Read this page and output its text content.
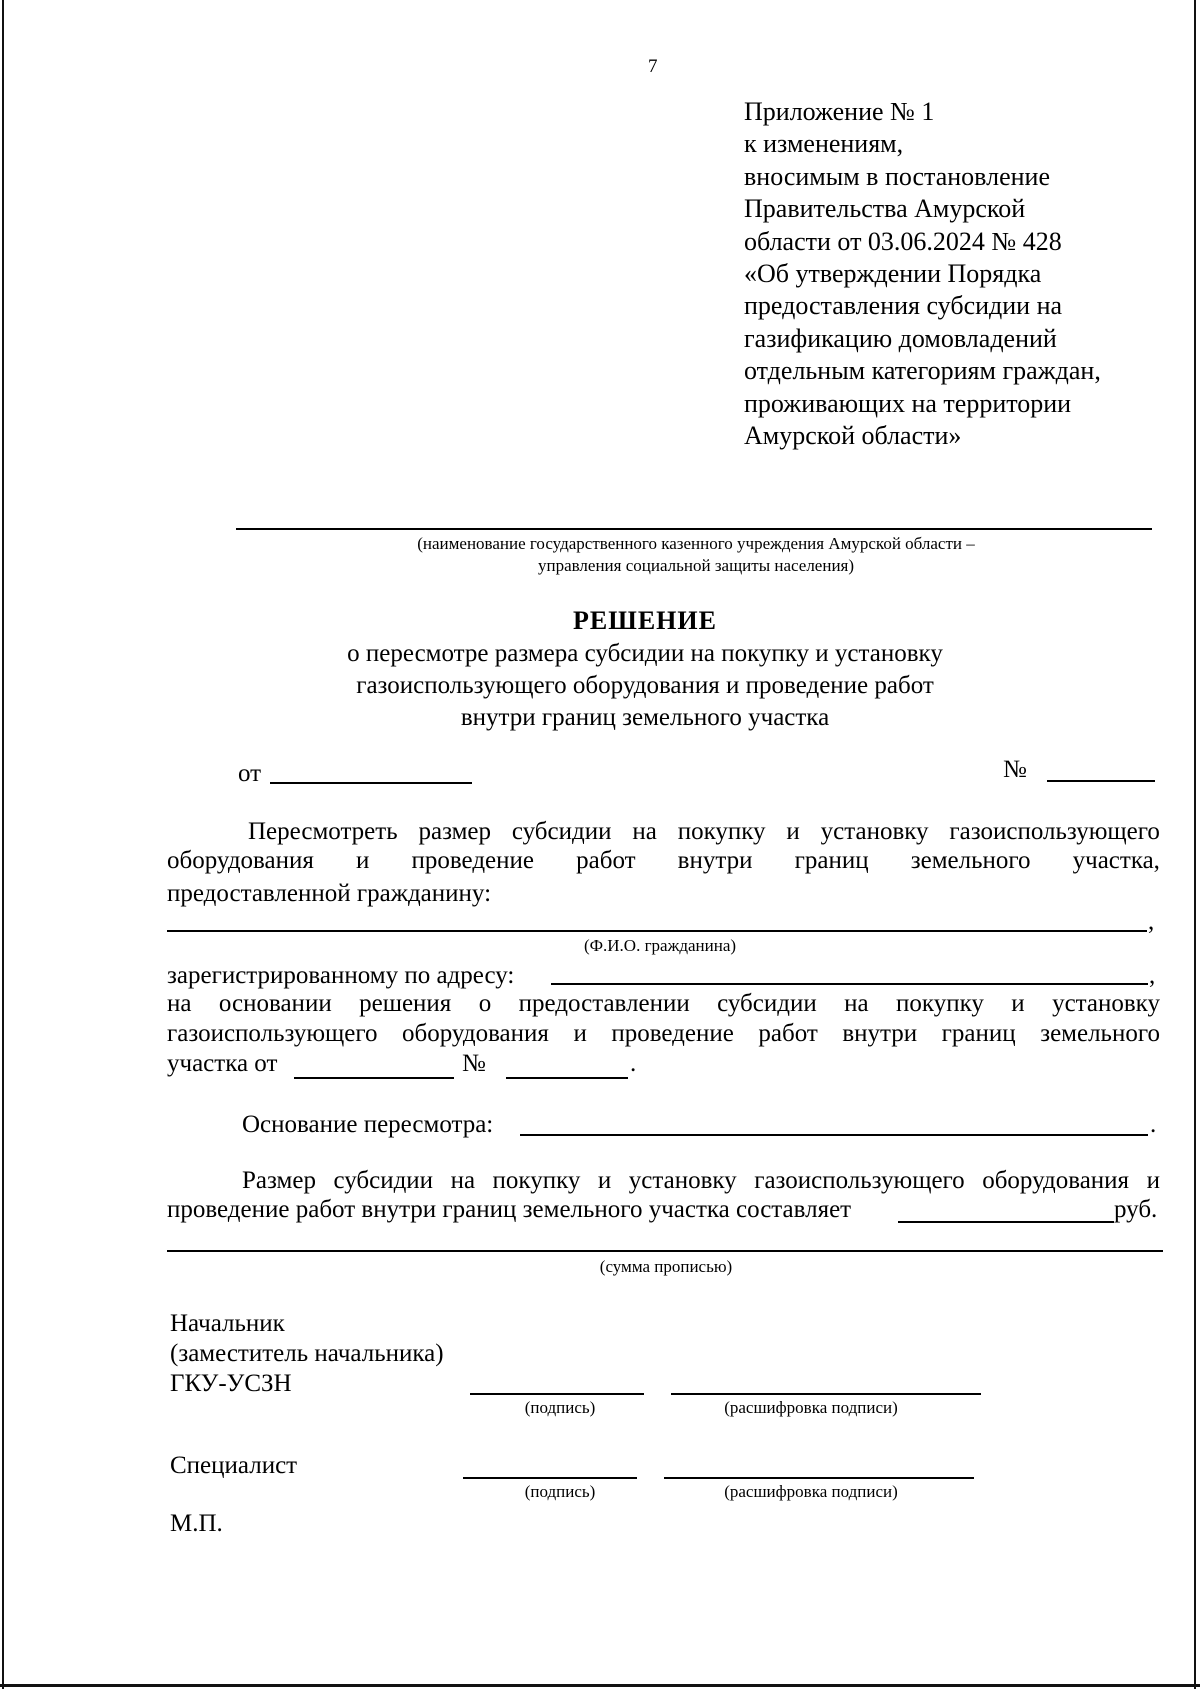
7
Приложение № 1
к изменениям,
вносимым в постановление
Правительства Амурской
области от 03.06.2024 № 428
«Об утверждении Порядка
предоставления субсидии на
газификацию домовладений
отдельным категориям граждан,
проживающих на территории
Амурской области»
(наименование государственного казенного учреждения Амурской области –
управления социальной защиты населения)
РЕШЕНИЕ
о пересмотре размера субсидии на покупку и установку
газоиспользующего оборудования и проведение работ
внутри границ земельного участка
от	№
Пересмотреть размер субсидии на покупку и установку газоиспользующего
оборудования и проведение работ внутри границ земельного участка,
предоставленной гражданину:
,
(Ф.И.О. гражданина)
зарегистрированному по адресу:	,
на основании решения о предоставлении субсидии на покупку и установку
газоиспользующего оборудования и проведение работ внутри границ земельного
участка от	№	.
Основание пересмотра:	.
Размер субсидии на покупку и установку газоиспользующего оборудования и
проведение работ внутри границ земельного участка составляет	руб.
(сумма прописью)
Начальник
(заместитель начальника)
ГКУ-УСЗН
(подпись)	(расшифровка подписи)
Специалист
(подпись)	(расшифровка подписи)
М.П.
